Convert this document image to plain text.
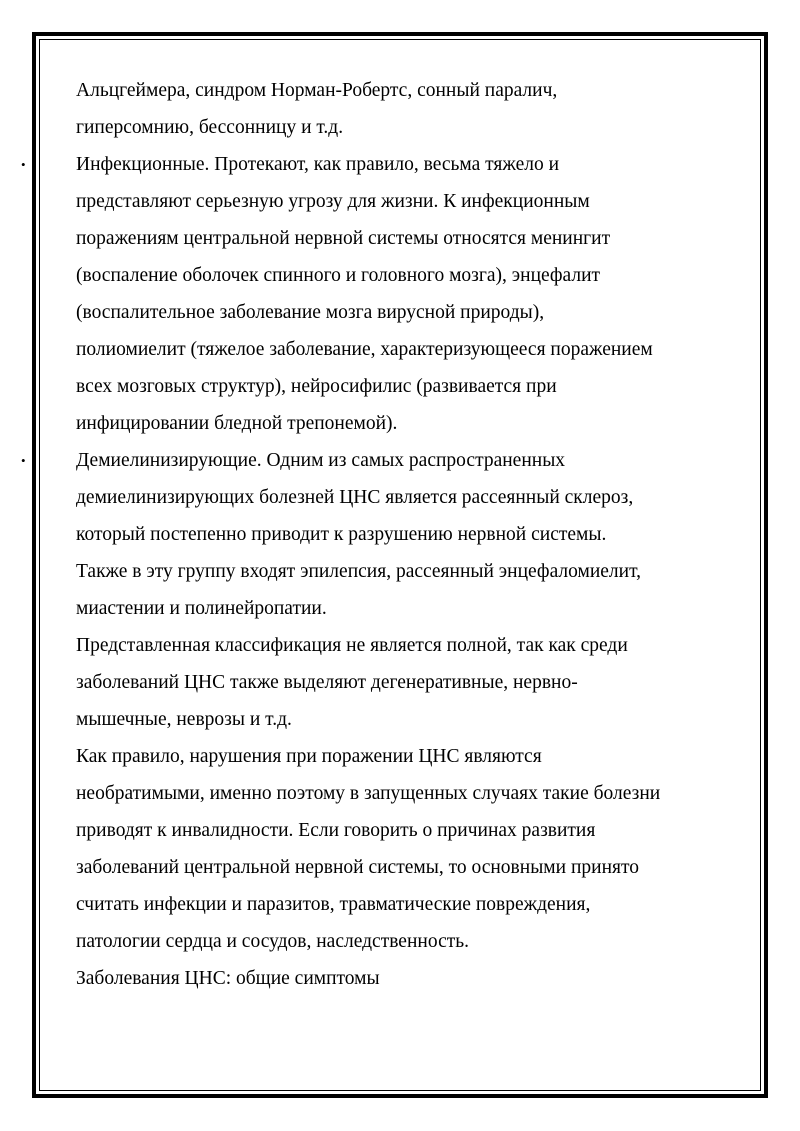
Альцгеймера, синдром Норман-Робертс, сонный паралич,
гиперсомнию, бессонницу и т.д.
•	Инфекционные. Протекают, как правило, весьма тяжело и
представляют серьезную угрозу для жизни. К инфекционным
поражениям центральной нервной системы относятся менингит
(воспаление оболочек спинного и головного мозга), энцефалит
(воспалительное заболевание мозга вирусной природы),
полиомиелит (тяжелое заболевание, характеризующееся поражением
всех мозговых структур), нейросифилис (развивается при
инфицировании бледной трепонемой).
•	Демиелинизирующие. Одним из самых распространенных
демиелинизирующих болезней ЦНС является рассеянный склероз,
который постепенно приводит к разрушению нервной системы.
Также в эту группу входят эпилепсия, рассеянный энцефаломиелит,
миастении и полинейропатии.
Представленная классификация не является полной, так как среди
заболеваний ЦНС также выделяют дегенеративные, нервно-
мышечные, неврозы и т.д.
Как правило, нарушения при поражении ЦНС являются
необратимыми, именно поэтому в запущенных случаях такие болезни
приводят к инвалидности. Если говорить о причинах развития
заболеваний центральной нервной системы, то основными принято
считать инфекции и паразитов, травматические повреждения,
патологии сердца и сосудов, наследственность.
Заболевания ЦНС: общие симптомы
